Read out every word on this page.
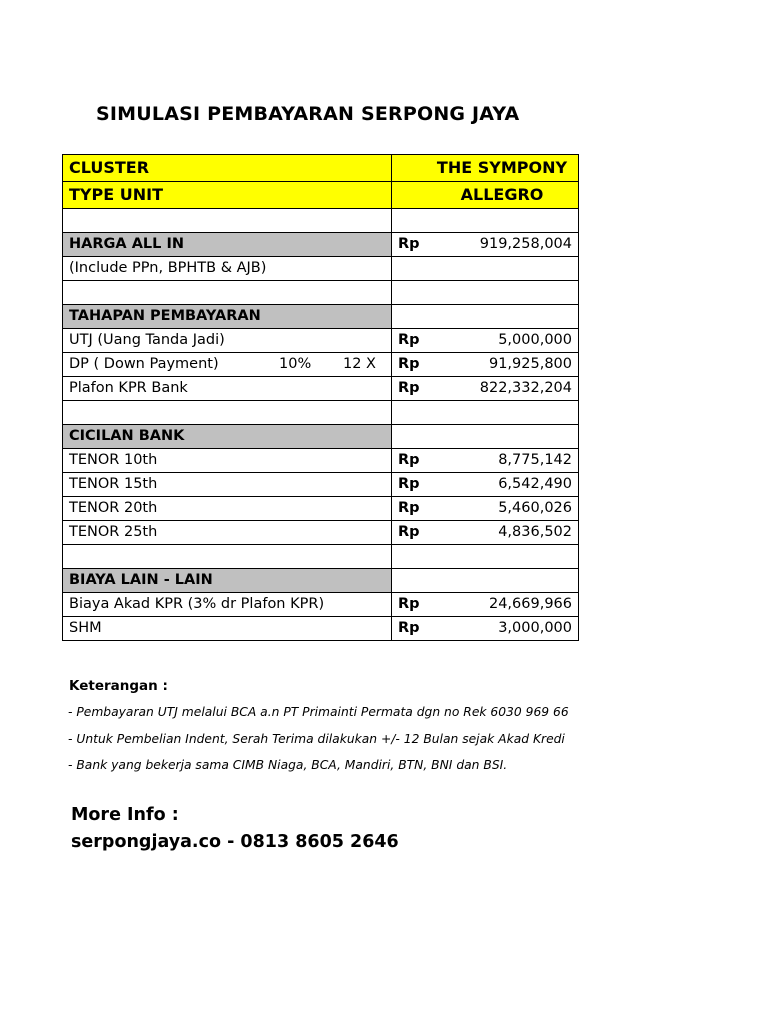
SIMULASI PEMBAYARAN SERPONG JAYA
CLUSTER	THE SYMPONY
TYPE UNIT	ALLEGRO

HARGA ALL IN	Rp 919,258,004

(Include PPn, BPHTB & AJB)	

TAHAPAN PEMBAYARAN	
UTJ (Uang Tanda Jadi)	Rp 5,000,000

DP ( Down Payment) 10% 12 X	Rp 91,925,800

Plafon KPR Bank	Rp 822,332,204

CICILAN BANK	
TENOR 10th	Rp 8,775,142

TENOR 15th	Rp 6,542,490

TENOR 20th	Rp 5,460,026

TENOR 25th	Rp 4,836,502

BIAYA LAIN - LAIN	
Biaya Akad KPR (3% dr Plafon KPR)	Rp 24,669,966

SHM	Rp 3,000,000
Keterangan :
- Pembayaran UTJ melalui BCA a.n PT Primainti Permata dgn no Rek 6030 969 66
- Untuk Pembelian Indent, Serah Terima dilakukan +/- 12 Bulan sejak Akad Kredi
- Bank yang bekerja sama CIMB Niaga, BCA, Mandiri, BTN, BNI dan BSI.
More Info :
serpongjaya.co - 0813 8605 2646
